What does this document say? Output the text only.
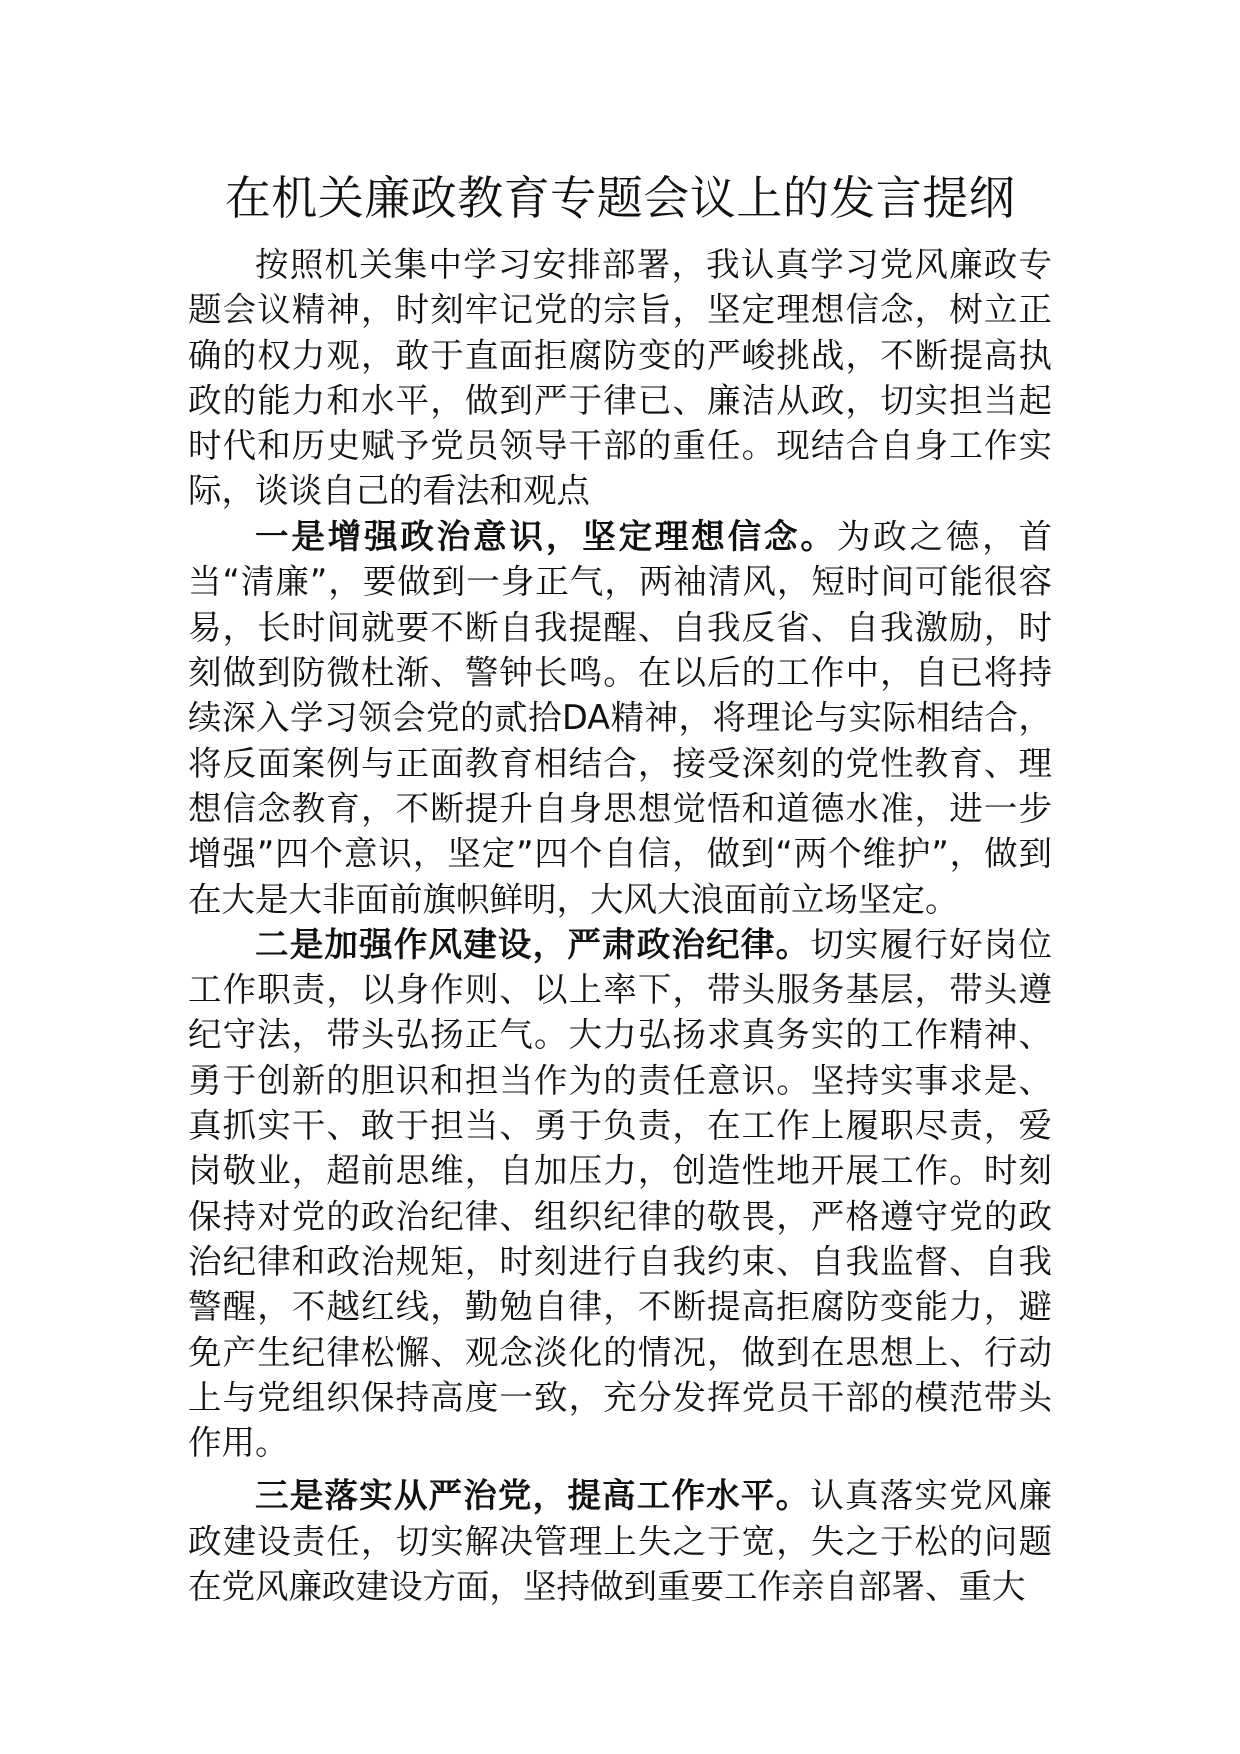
在机关廉政教育专题会议上的发言提纲

按照机关集中学习安排部署，我认真学习党风廉政专题会议精神，时刻牢记党的宗旨，坚定理想信念，树立正确的权力观，敢于直面拒腐防变的严峻挑战，不断提高执政的能力和水平，做到严于律已、廉洁从政，切实担当起时代和历史赋予党员领导干部的重任。现结合自身工作实际，谈谈自己的看法和观点

一是增强政治意识，坚定理想信念。为政之德，首当“清廉”，要做到一身正气，两袖清风，短时间可能很容易，长时间就要不断自我提醒、自我反省、自我激励，时刻做到防微杜渐、警钟长鸣。在以后的工作中，自已将持续深入学习领会党的贰拾DA精神，将理论与实际相结合，将反面案例与正面教育相结合，接受深刻的党性教育、理想信念教育，不断提升自身思想觉悟和道德水准，进一步增强”四个意识，坚定”四个自信，做到“两个维护”，做到在大是大非面前旗帜鲜明，大风大浪面前立场坚定。

二是加强作风建设，严肃政治纪律。切实履行好岗位工作职责，以身作则、以上率下，带头服务基层，带头遵纪守法，带头弘扬正气。大力弘扬求真务实的工作精神、勇于创新的胆识和担当作为的责任意识。坚持实事求是、真抓实干、敢于担当、勇于负责，在工作上履职尽责，爱岗敬业，超前思维，自加压力，创造性地开展工作。时刻保持对党的政治纪律、组织纪律的敬畏，严格遵守党的政治纪律和政治规矩，时刻进行自我约束、自我监督、自我警醒，不越红线，勤勉自律，不断提高拒腐防变能力，避免产生纪律松懈、观念淡化的情况，做到在思想上、行动上与党组织保持高度一致，充分发挥党员干部的模范带头作用。

三是落实从严治党，提高工作水平。认真落实党风廉政建设责任，切实解决管理上失之于宽，失之于松的问题在党风廉政建设方面，坚持做到重要工作亲自部署、重大
